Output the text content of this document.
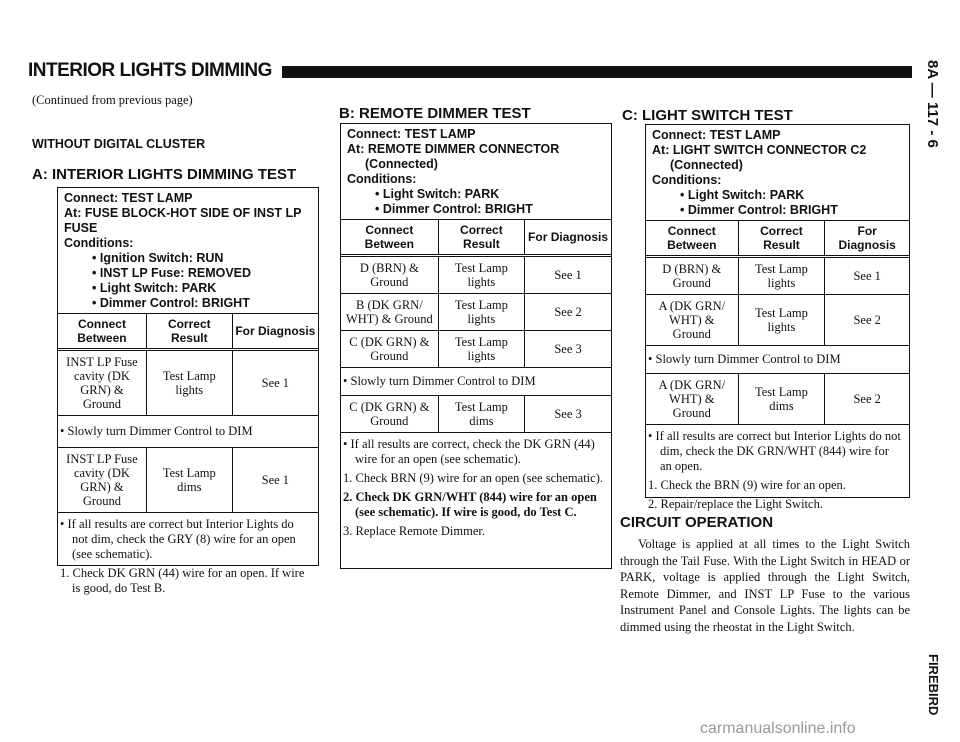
INTERIOR LIGHTS DIMMING	8A — 117 - 6
FIREBIRD
(Continued from previous page)
WITHOUT DIGITAL CLUSTER
A: INTERIOR LIGHTS DIMMING TEST
Connect: TEST LAMP
At: FUSE BLOCK-HOT SIDE OF INST LP FUSE
Conditions:
• Ignition Switch: RUN
• INST LP Fuse: REMOVED
• Light Switch: PARK
• Dimmer Control: BRIGHT
Connect Between	Correct Result	For Diagnosis
INST LP Fuse cavity (DK GRN) & Ground	Test Lamp lights	See 1
• Slowly turn Dimmer Control to DIM
INST LP Fuse cavity (DK GRN) & Ground	Test Lamp dims	See 1
• If all results are correct but Interior Lights do not dim, check the GRY (8) wire for an open (see schematic).
1. Check DK GRN (44) wire for an open. If wire is good, do Test B.
B: REMOTE DIMMER TEST
Connect: TEST LAMP
At: REMOTE DIMMER CONNECTOR
(Connected)
Conditions:
• Light Switch: PARK
• Dimmer Control: BRIGHT
Connect Between	Correct Result	For Diagnosis
D (BRN) & Ground	Test Lamp lights	See 1
B (DK GRN/ WHT) & Ground	Test Lamp lights	See 2
C (DK GRN) & Ground	Test Lamp lights	See 3
• Slowly turn Dimmer Control to DIM
C (DK GRN) & Ground	Test Lamp dims	See 3
• If all results are correct, check the DK GRN (44) wire for an open (see schematic).
1. Check BRN (9) wire for an open (see schematic).
2. Check DK GRN/WHT (844) wire for an open (see schematic). If wire is good, do Test C.
3. Replace Remote Dimmer.
C: LIGHT SWITCH TEST
Connect: TEST LAMP
At: LIGHT SWITCH CONNECTOR C2
(Connected)
Conditions:
• Light Switch: PARK
• Dimmer Control: BRIGHT
Connect Between	Correct Result	For Diagnosis
D (BRN) & Ground	Test Lamp lights	See 1
A (DK GRN/ WHT) & Ground	Test Lamp lights	See 2
• Slowly turn Dimmer Control to DIM
A (DK GRN/ WHT) & Ground	Test Lamp dims	See 2
• If all results are correct but Interior Lights do not dim, check the DK GRN/WHT (844) wire for an open.
1. Check the BRN (9) wire for an open.
2. Repair/replace the Light Switch.
CIRCUIT OPERATION
Voltage is applied at all times to the Light Switch through the Tail Fuse. With the Light Switch in HEAD or PARK, voltage is applied through the Light Switch, Remote Dimmer, and INST LP Fuse to the various Instrument Panel and Console Lights. The lights can be dimmed using the rheostat in the Light Switch.
carmanualsonline.info
